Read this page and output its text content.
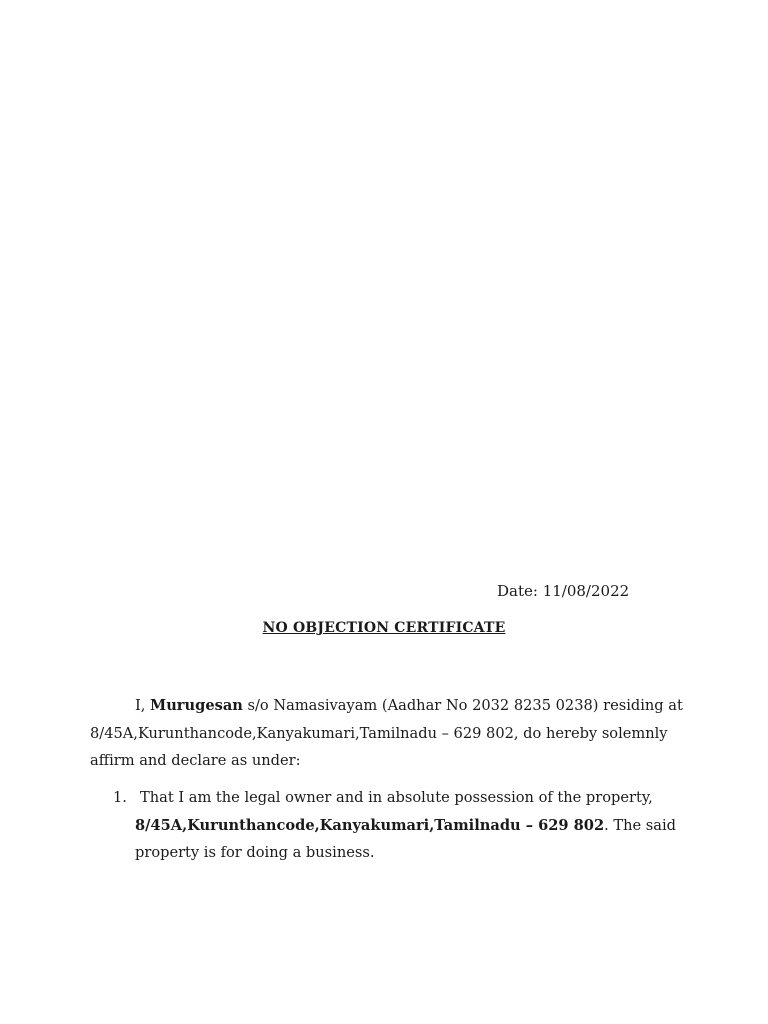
Date: 11/08/2022
NO OBJECTION CERTIFICATE
I, Murugesan s/o Namasivayam (Aadhar No 2032 8235 0238) residing at
8/45A,Kurunthancode,Kanyakumari,Tamilnadu – 629 802, do hereby solemnly
affirm and declare as under:
1. That I am the legal owner and in absolute possession of the property,
8/45A,Kurunthancode,Kanyakumari,Tamilnadu – 629 802. The said
property is for doing a business.
